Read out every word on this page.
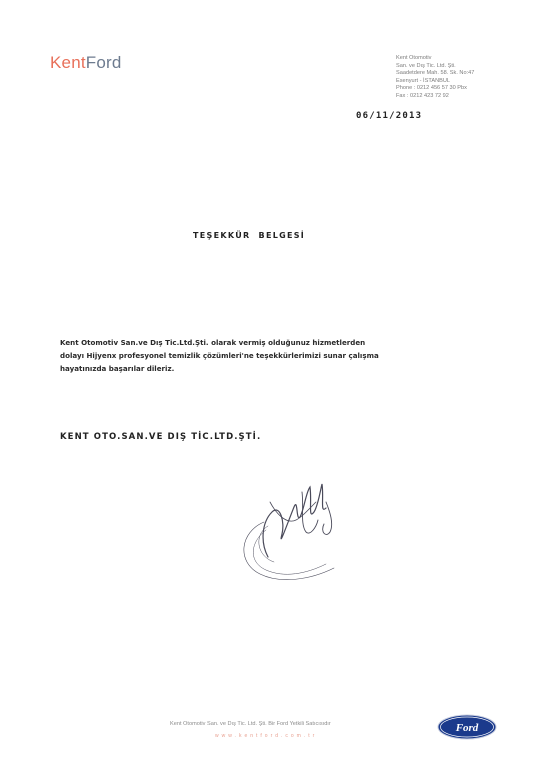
KentFord	Kent Otomotiv
San. ve Dış Tic. Ltd. Şti.
Saadetdere Mah. 58. Sk. No:47
Esenyurt - İSTANBUL
Phone : 0212 456 57 30 Pbx
Fax : 0212 423 72 92
06/11/2013
TEŞEKKÜR BELGESİ
Kent Otomotiv San.ve Dış Tic.Ltd.Şti. olarak vermiş olduğunuz hizmetlerden
dolayı Hijyenx profesyonel temizlik çözümleri'ne teşekkürlerimizi sunar çalışma
hayatınızda başarılar dileriz.
KENT OTO.SAN.VE DIŞ TİC.LTD.ŞTİ.
Kent Otomotiv San. ve Dış Tic. Ltd. Şti. Bir Ford Yetkili Satıcısıdır
www.kentford.com.tr
Ford
